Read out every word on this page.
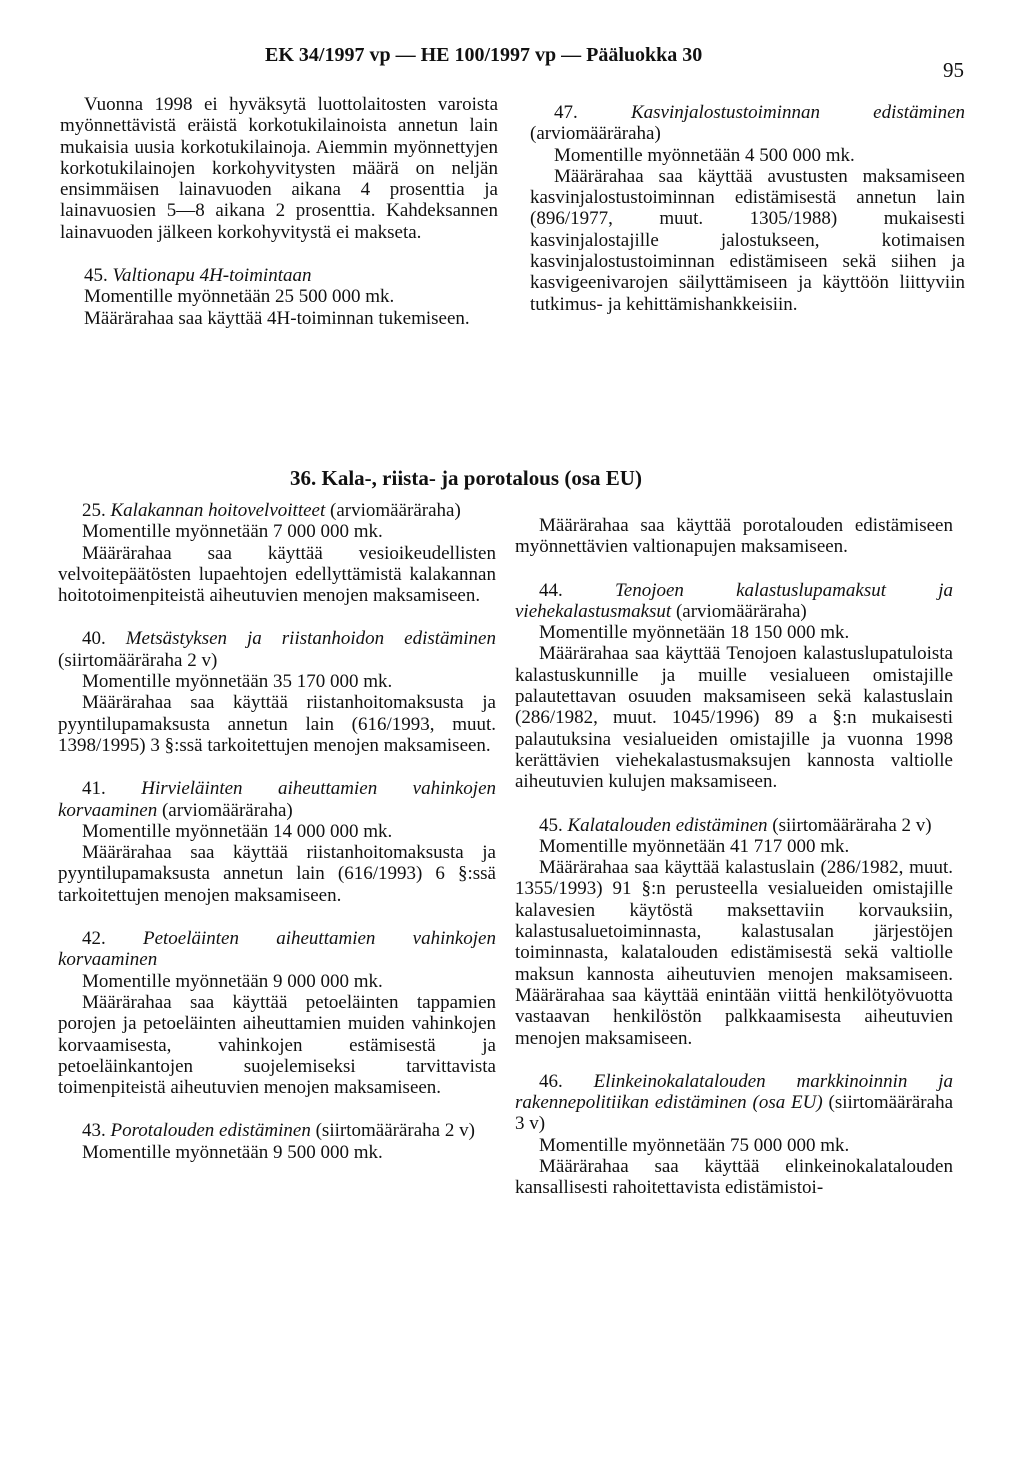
EK 34/1997 vp — HE 100/1997 vp — Pääluokka 30
95

Vuonna 1998 ei hyväksytä luottolaitosten varoista myönnettävistä eräistä korkotukilainoista annetun lain mukaisia uusia korkotukilainoja. Aiemmin myönnettyjen korkotukilainojen korkohyvitysten määrä on neljän ensimmäisen lainavuoden aikana 4 prosenttia ja lainavuosien 5—8 aikana 2 prosenttia. Kahdeksannen lainavuoden jälkeen korkohyvitystä ei makseta.

45. Valtionapu 4H-toimintaan

Momentille myönnetään 25 500 000 mk.

Määrärahaa saa käyttää 4H-toiminnan tukemiseen.

47.	Kasvinjalostustoiminnan edistäminen (arviomääräraha)

Momentille myönnetään 4 500 000 mk.

Määrärahaa saa käyttää avustusten maksamiseen kasvinjalostustoiminnan edistämisestä annetun lain (896/1977, muut. 1305/1988) mukaisesti kasvinjalostajille jalostukseen, kotimaisen kasvinjalostustoiminnan edistämiseen sekä siihen ja kasvigeenivarojen säilyttämiseen ja käyttöön liittyviin tutkimus- ja kehittämishankkeisiin.

36. Kala-, riista- ja porotalous (osa EU)

25. Kalakannan hoitovelvoitteet (arviomääräraha)

Momentille myönnetään 7 000 000 mk.

Määrärahaa saa käyttää vesioikeudellisten velvoitepäätösten lupaehtojen edellyttämistä kalakannan hoitotoimenpiteistä aiheutuvien menojen maksamiseen.

40. Metsästyksen ja riistanhoidon edistäminen (siirtomääräraha 2 v)

Momentille myönnetään 35 170 000 mk.

Määrärahaa saa käyttää riistanhoitomaksusta ja pyyntilupamaksusta annetun lain (616/1993, muut. 1398/1995) 3 §:ssä tarkoitettujen menojen maksamiseen.

41. Hirvieläinten aiheuttamien vahinkojen korvaaminen (arviomääräraha)

Momentille myönnetään 14 000 000 mk.

Määrärahaa saa käyttää riistanhoitomaksusta ja pyyntilupamaksusta annetun lain (616/1993) 6 §:ssä tarkoitettujen menojen maksamiseen.

42. Petoeläinten aiheuttamien vahinkojen korvaaminen

Momentille myönnetään 9 000 000 mk.

Määrärahaa saa käyttää petoeläinten tappamien porojen ja petoeläinten aiheuttamien muiden vahinkojen korvaamisesta, vahinkojen estämisestä ja petoeläinkantojen suojelemiseksi tarvittavista toimenpiteistä aiheutuvien menojen maksamiseen.

43. Porotalouden edistäminen (siirtomääräraha 2 v)

Momentille myönnetään 9 500 000 mk.

Määrärahaa saa käyttää porotalouden edistämiseen myönnettävien valtionapujen maksamiseen.

44.	Tenojoen kalastuslupamaksut ja viehekalastusmaksut (arviomääräraha)

Momentille myönnetään 18 150 000 mk.

Määrärahaa saa käyttää Tenojoen kalastuslupatuloista kalastuskunnille ja muille vesialueen omistajille palautettavan osuuden maksamiseen sekä kalastuslain (286/1982, muut. 1045/1996) 89 a §:n mukaisesti palautuksina vesialueiden omistajille ja vuonna 1998 kerättävien viehekalastusmaksujen kannosta valtiolle aiheutuvien kulujen maksamiseen.

45. Kalatalouden edistäminen (siirtomääräraha 2 v)

Momentille myönnetään 41 717 000 mk.

Määrärahaa saa käyttää kalastuslain (286/1982, muut. 1355/1993) 91 §:n perusteella vesialueiden omistajille kalavesien käytöstä maksettaviin korvauksiin, kalastusaluetoiminnasta, kalastusalan järjestöjen toiminnasta, kalatalouden edistämisestä sekä valtiolle maksun kannosta aiheutuvien menojen maksamiseen. Määrärahaa saa käyttää enintään viittä henkilötyövuotta vastaavan henkilöstön palkkaamisesta aiheutuvien menojen maksamiseen.

46. Elinkeinokalatalouden markkinoinnin ja rakennepolitiikan edistäminen (osa EU) (siirtomääräraha 3 v)

Momentille myönnetään 75 000 000 mk.

Määrärahaa saa käyttää elinkeinokalatalouden kansallisesti rahoitettavista edistämistoi-
